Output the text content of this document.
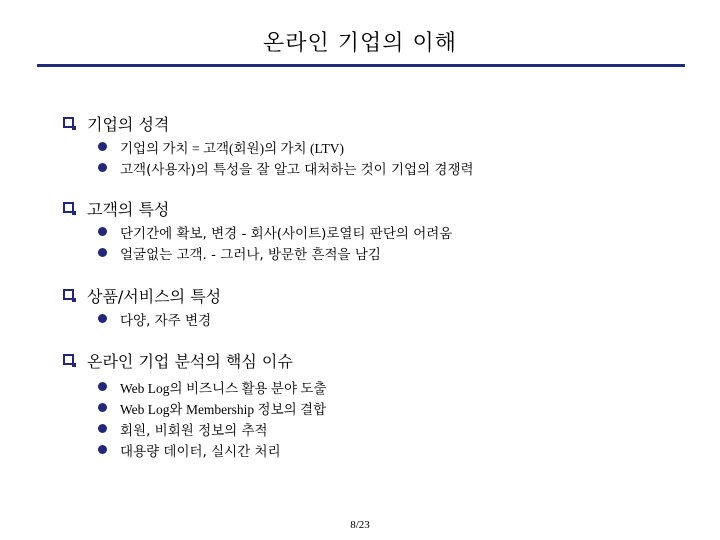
온라인 기업의 이해
기업의 성격
기업의 가치 = 고객(회원)의 가치 (LTV)
고객(사용자)의 특성을 잘 알고 대처하는 것이 기업의 경쟁력
고객의 특성
단기간에 확보, 변경 - 회사(사이트)로열티 판단의 어려움
얼굴없는 고객. - 그러나, 방문한 흔적을 남김
상품/서비스의 특성
다양, 자주 변경
온라인 기업 분석의 핵심 이슈
Web Log의 비즈니스 활용 분야 도출
Web Log와 Membership 정보의 결합
회원, 비회원 정보의 추적
대용량 데이터, 실시간 처리
8/23
